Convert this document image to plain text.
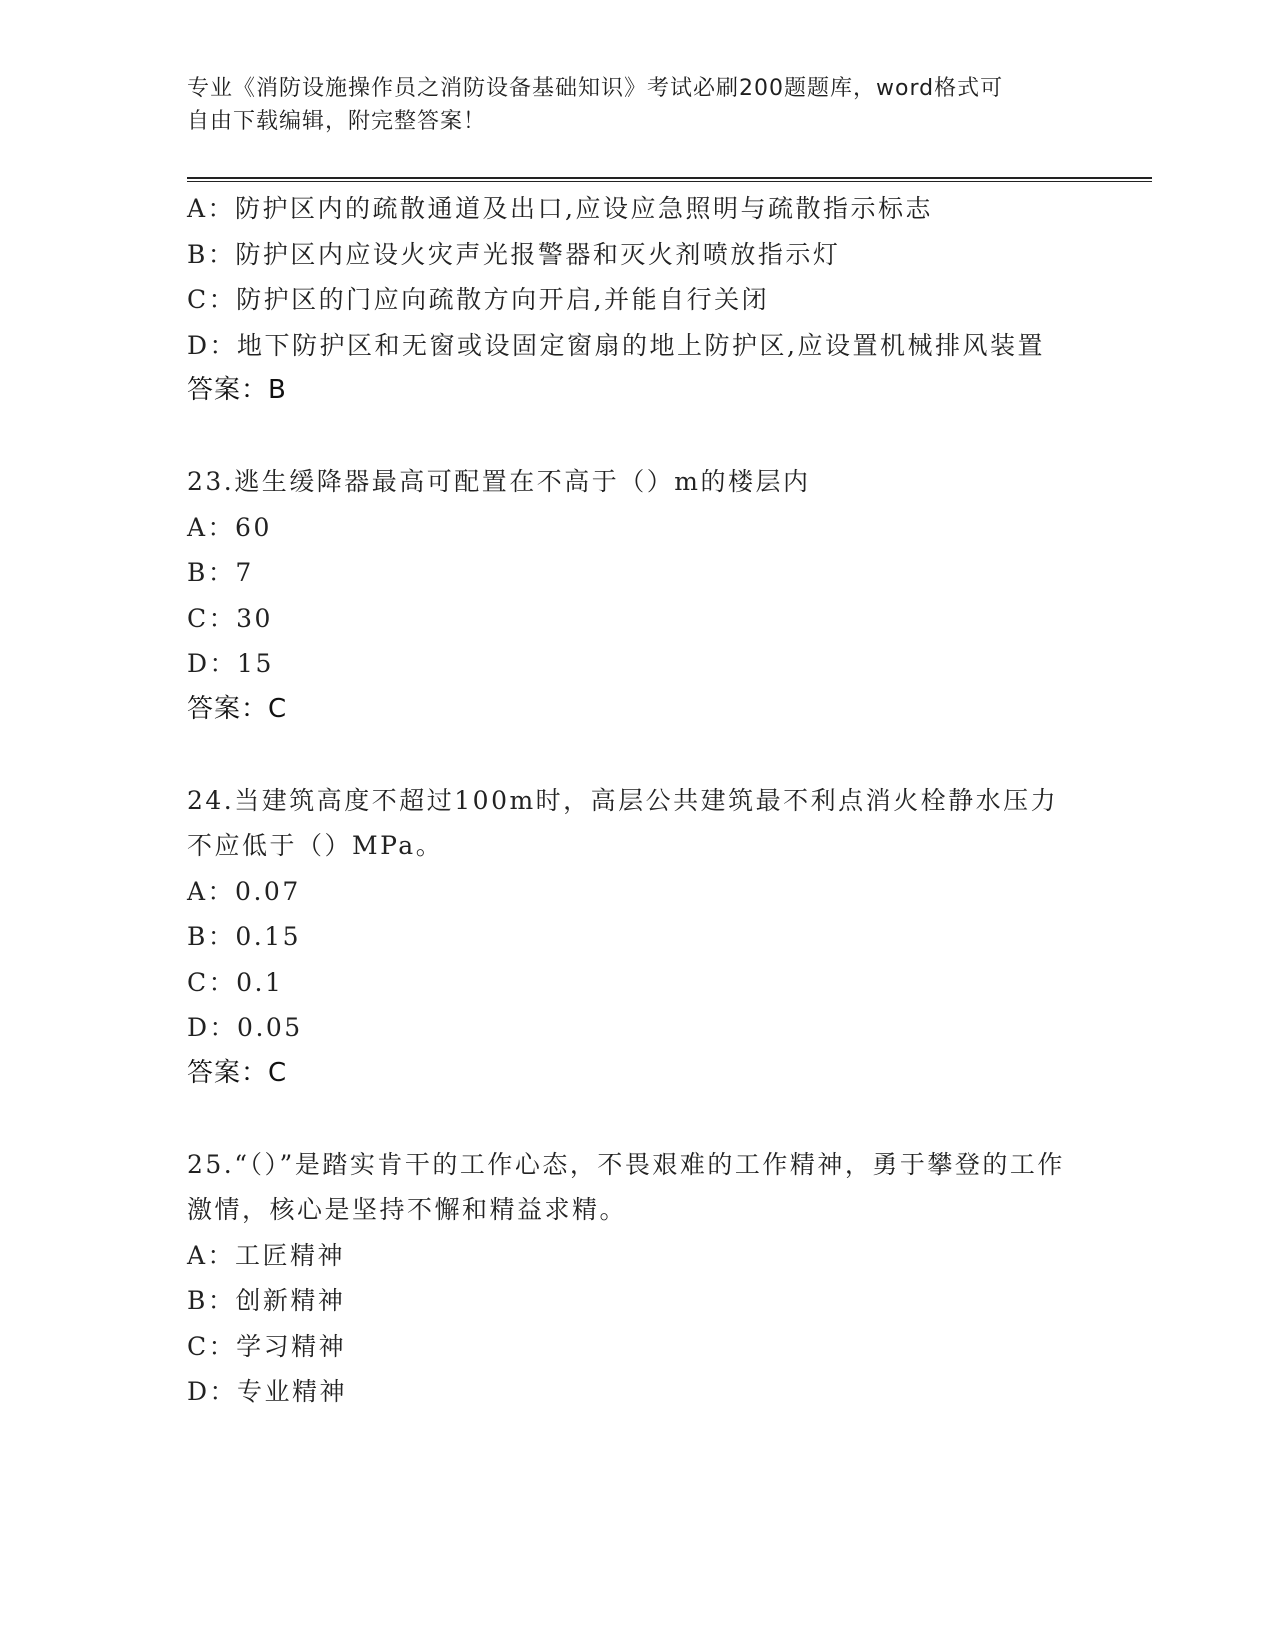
专业《消防设施操作员之消防设备基础知识》考试必刷200题题库，word格式可
自由下载编辑，附完整答案！
A：防护区内的疏散通道及出口,应设应急照明与疏散指示标志
B：防护区内应设火灾声光报警器和灭火剂喷放指示灯
C：防护区的门应向疏散方向开启,并能自行关闭
D：地下防护区和无窗或设固定窗扇的地上防护区,应设置机械排风装置
答案：B
23.逃生缓降器最高可配置在不高于（）m的楼层内
A：60
B：7
C：30
D：15
答案：C
24.当建筑高度不超过100m时，高层公共建筑最不利点消火栓静水压力不应低于（）MPa。
A：0.07
B：0.15
C：0.1
D：0.05
答案：C
25.“（）”是踏实肯干的工作心态，不畏艰难的工作精神，勇于攀登的工作激情，核心是坚持不懈和精益求精。
A：工匠精神
B：创新精神
C：学习精神
D：专业精神
